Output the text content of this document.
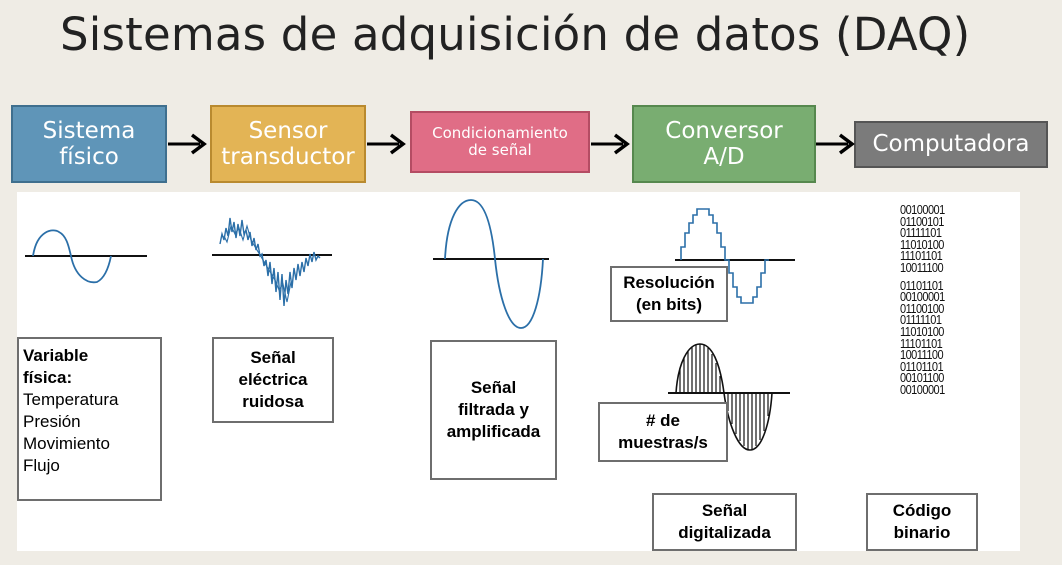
Sistemas de adquisición de datos (DAQ)
Sistema
físico
Sensor
transductor
Condicionamiento
de señal
Conversor
A/D	Computadora
00100001
01100101
01111101
11010100
11101101
10011100
01101101
00100001
01100100
01111101
11010100
11101101
10011100
01101101
00101100
00100001
Variable
física:
Temperatura
Presión
Movimiento
Flujo
Señal
eléctrica
ruidosa
Señal
filtrada y
amplificada
Resolución
(en bits)
# de
muestras/s
Señal
digitalizada
Código
binario
